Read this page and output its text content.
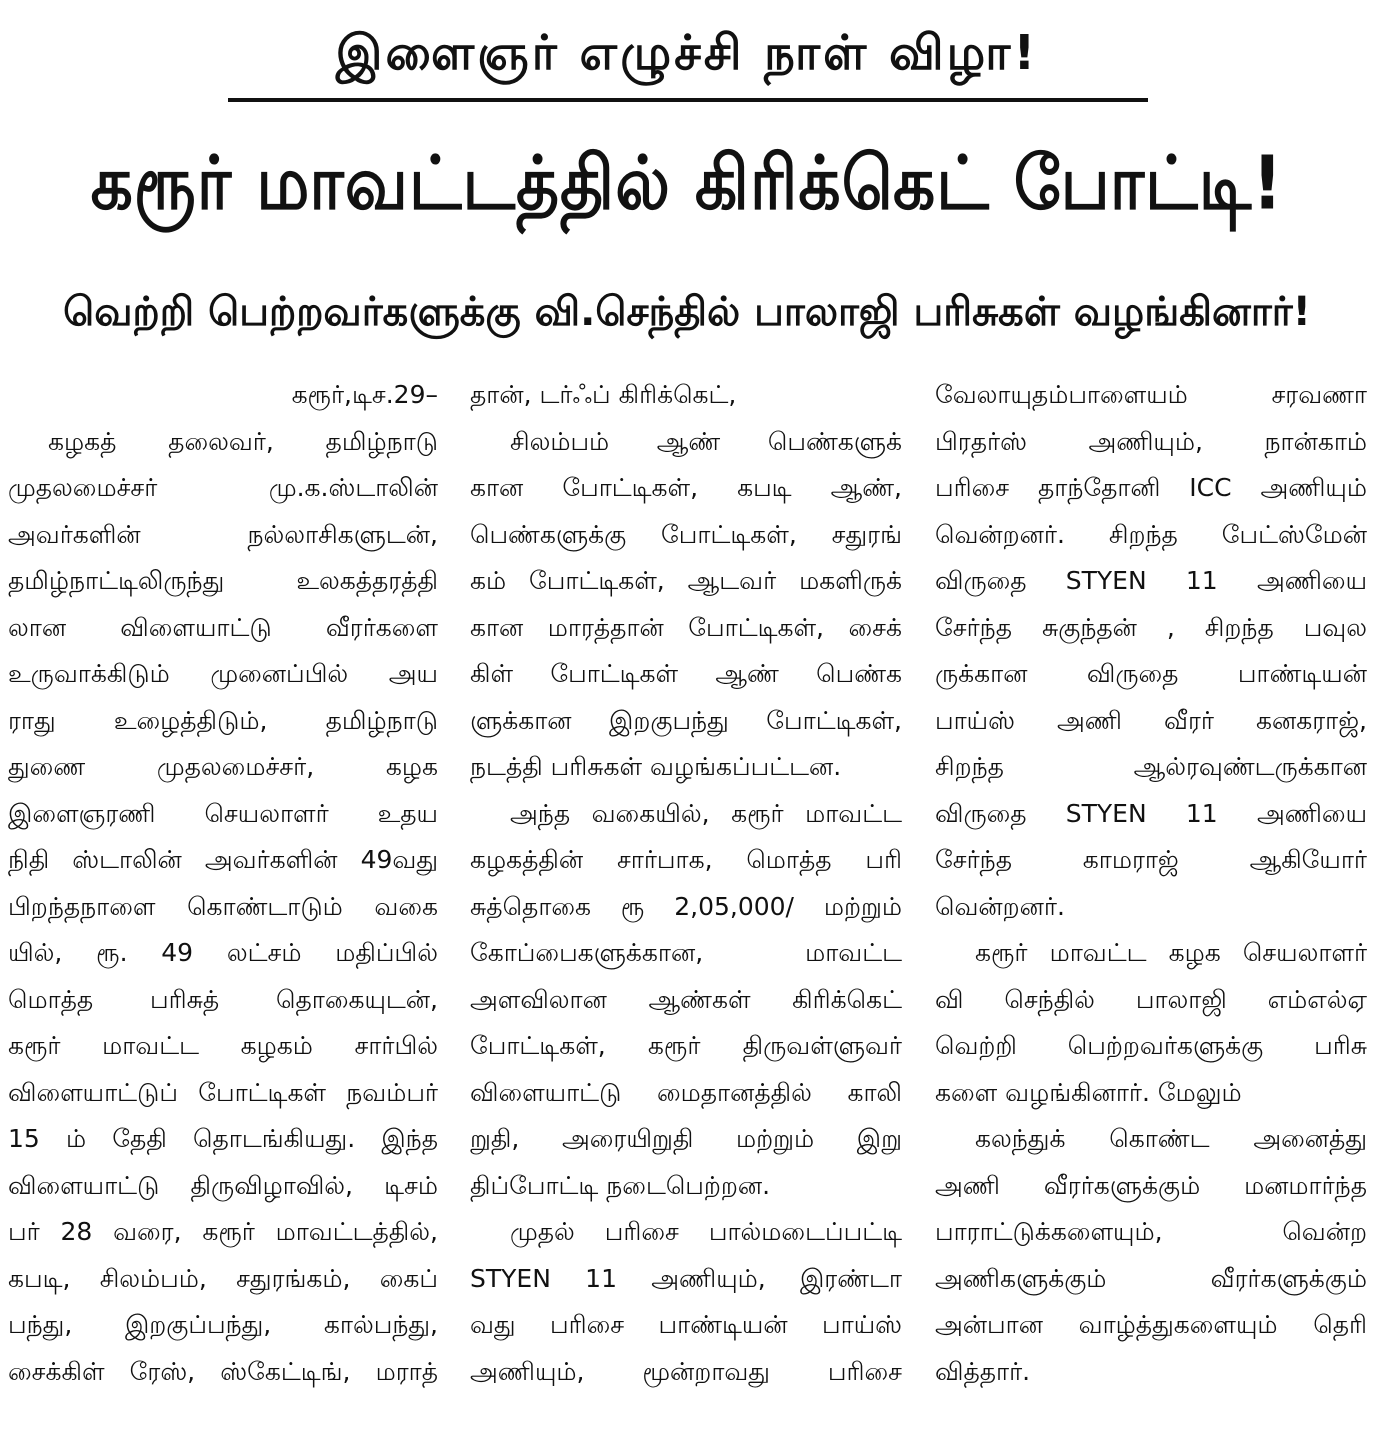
இளைஞர் எழுச்சி நாள் விழா!
கரூர் மாவட்டத்தில் கிரிக்கெட் போட்டி!
வெற்றி பெற்றவர்களுக்கு வி.செந்தில் பாலாஜி பரிசுகள் வழங்கினார்!
கரூர்,டிச.29–
கழகத் தலைவர், தமிழ்நாடு
முதலமைச்சர் மு.க.ஸ்டாலின்
அவர்களின் நல்லாசிகளுடன்,
தமிழ்நாட்டிலிருந்து உலகத்தரத்தி
லான விளையாட்டு வீரர்களை
உருவாக்கிடும் முனைப்பில் அய
ராது உழைத்திடும், தமிழ்நாடு
துணை முதலமைச்சர், கழக
இளைஞரணி செயலாளர் உதய
நிதி ஸ்டாலின் அவர்களின் 49வது
பிறந்தநாளை கொண்டாடும் வகை
யில், ரூ. 49 லட்சம் மதிப்பில்
மொத்த பரிசுத் தொகையுடன்,
கரூர் மாவட்ட கழகம் சார்பில்
விளையாட்டுப் போட்டிகள் நவம்பர்
15 ம் தேதி தொடங்கியது. இந்த
விளையாட்டு திருவிழாவில், டிசம்
பர் 28 வரை, கரூர் மாவட்டத்தில்,
கபடி, சிலம்பம், சதுரங்கம், கைப்
பந்து, இறகுப்பந்து, கால்பந்து,
சைக்கிள் ரேஸ், ஸ்கேட்டிங், மராத்
தான், டர்ஃப் கிரிக்கெட்,
சிலம்பம் ஆண் பெண்களுக்
கான போட்டிகள், கபடி ஆண்,
பெண்களுக்கு போட்டிகள், சதுரங்
கம் போட்டிகள், ஆடவர் மகளிருக்
கான மாரத்தான் போட்டிகள், சைக்
கிள் போட்டிகள் ஆண் பெண்க
ளுக்கான இறகுபந்து போட்டிகள்,
நடத்தி பரிசுகள் வழங்கப்பட்டன.
அந்த வகையில், கரூர் மாவட்ட
கழகத்தின் சார்பாக, மொத்த பரி
சுத்தொகை ரூ 2,05,000/ மற்றும்
கோப்பைகளுக்கான, மாவட்ட
அளவிலான ஆண்கள் கிரிக்கெட்
போட்டிகள், கரூர் திருவள்ளுவர்
விளையாட்டு மைதானத்தில் காலி
றுதி, அரையிறுதி மற்றும் இறு
திப்போட்டி நடைபெற்றன.
முதல் பரிசை பால்மடைப்பட்டி
STYEN 11 அணியும், இரண்டா
வது பரிசை பாண்டியன் பாய்ஸ்
அணியும், மூன்றாவது பரிசை
வேலாயுதம்பாளையம் சரவணா
பிரதர்ஸ் அணியும், நான்காம்
பரிசை தாந்தோனி ICC அணியும்
வென்றனர். சிறந்த பேட்ஸ்மேன்
விருதை STYEN 11 அணியை
சேர்ந்த சுகுந்தன் , சிறந்த பவுல
ருக்கான விருதை பாண்டியன்
பாய்ஸ் அணி வீரர் கனகராஜ்,
சிறந்த ஆல்ரவுண்டருக்கான
விருதை STYEN 11 அணியை
சேர்ந்த காமராஜ் ஆகியோர்
வென்றனர்.
கரூர் மாவட்ட கழக செயலாளர்
வி செந்தில் பாலாஜி எம்எல்ஏ
வெற்றி பெற்றவர்களுக்கு பரிசு
களை வழங்கினார். மேலும்
கலந்துக் கொண்ட அனைத்து
அணி வீரர்களுக்கும் மனமார்ந்த
பாராட்டுக்களையும், வென்ற
அணிகளுக்கும் வீரர்களுக்கும்
அன்பான வாழ்த்துகளையும் தெரி
வித்தார்.
